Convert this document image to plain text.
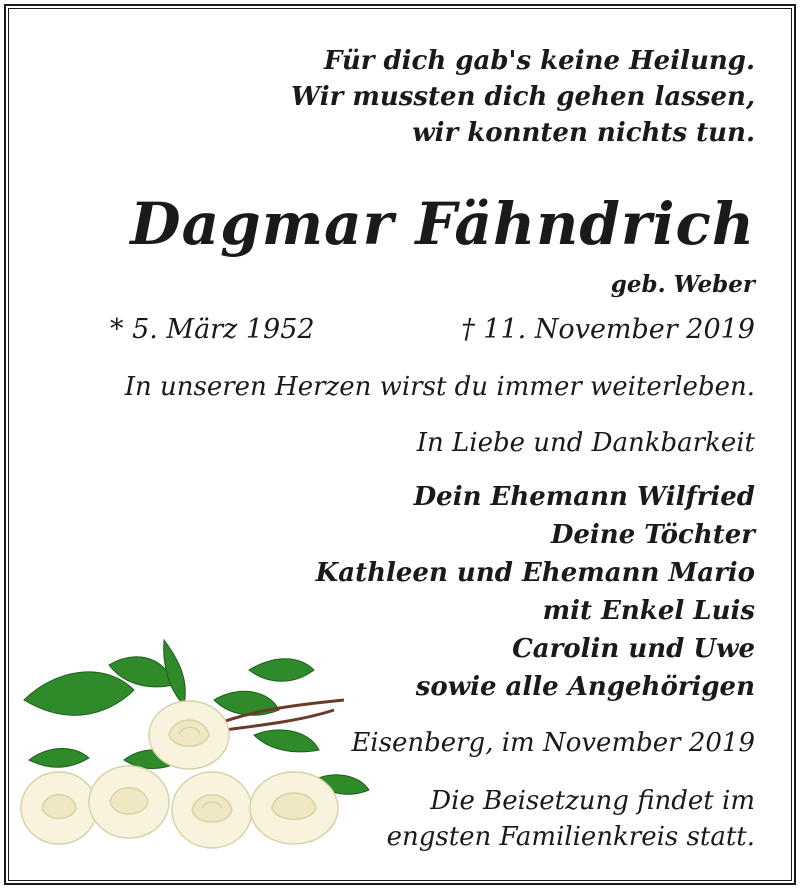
Für dich gab's keine Heilung.

Wir mussten dich gehen lassen,

wir konnten nichts tun.

Dagmar Fähndrich

geb. Weber

* 5. März 1952	† 11. November 2019

In unseren Herzen wirst du immer weiterleben.

In Liebe und Dankbarkeit

Dein Ehemann Wilfried

Deine Töchter

Kathleen und Ehemann Mario

mit Enkel Luis

Carolin und Uwe

sowie alle Angehörigen

Eisenberg, im November 2019

Die Beisetzung findet im

engsten Familienkreis statt.
